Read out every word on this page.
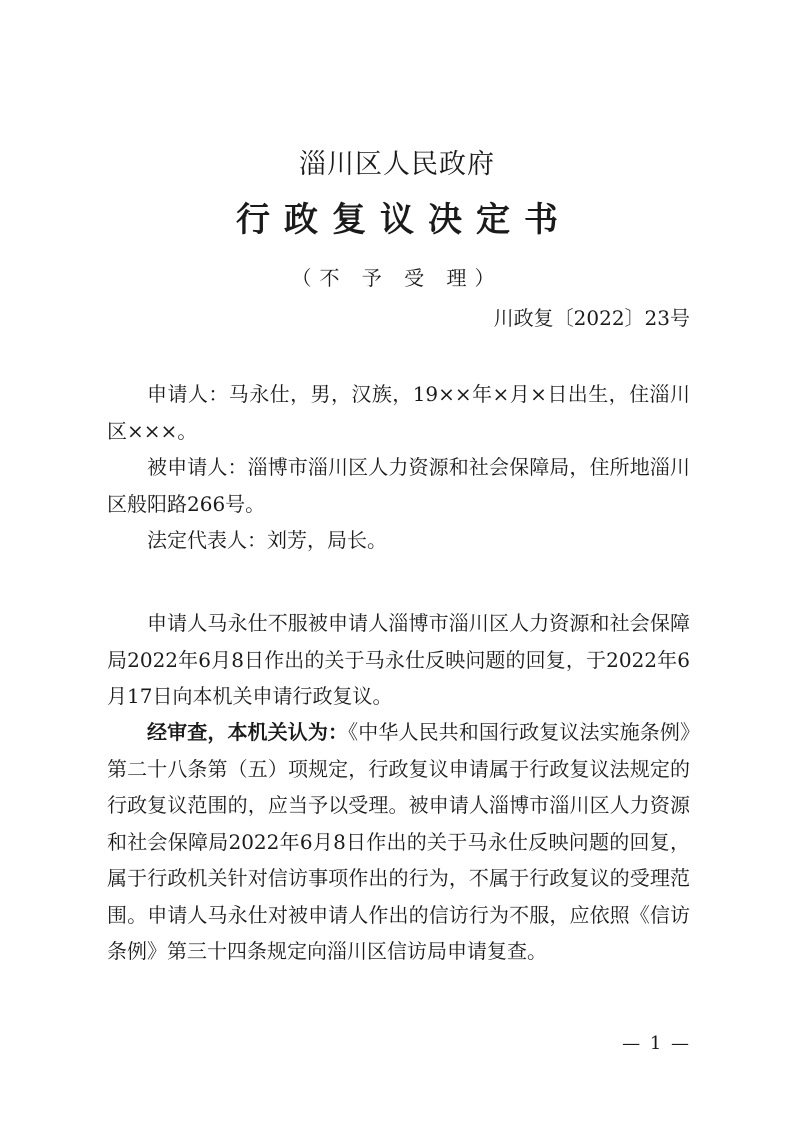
淄川区人民政府
行政复议决定书
（不 予 受 理）
川政复〔2022〕23号

申请人：马永仕，男，汉族，19××年×月×日出生，住淄川区×××。

被申请人：淄博市淄川区人力资源和社会保障局，住所地淄川区般阳路266号。

法定代表人：刘芳，局长。

申请人马永仕不服被申请人淄博市淄川区人力资源和社会保障局2022年6月8日作出的关于马永仕反映问题的回复，于2022年6月17日向本机关申请行政复议。

经审查，本机关认为：《中华人民共和国行政复议法实施条例》第二十八条第（五）项规定，行政复议申请属于行政复议法规定的行政复议范围的，应当予以受理。被申请人淄博市淄川区人力资源和社会保障局2022年6月8日作出的关于马永仕反映问题的回复，属于行政机关针对信访事项作出的行为，不属于行政复议的受理范围。申请人马永仕对被申请人作出的信访行为不服，应依照《信访条例》第三十四条规定向淄川区信访局申请复查。

— 1 —
